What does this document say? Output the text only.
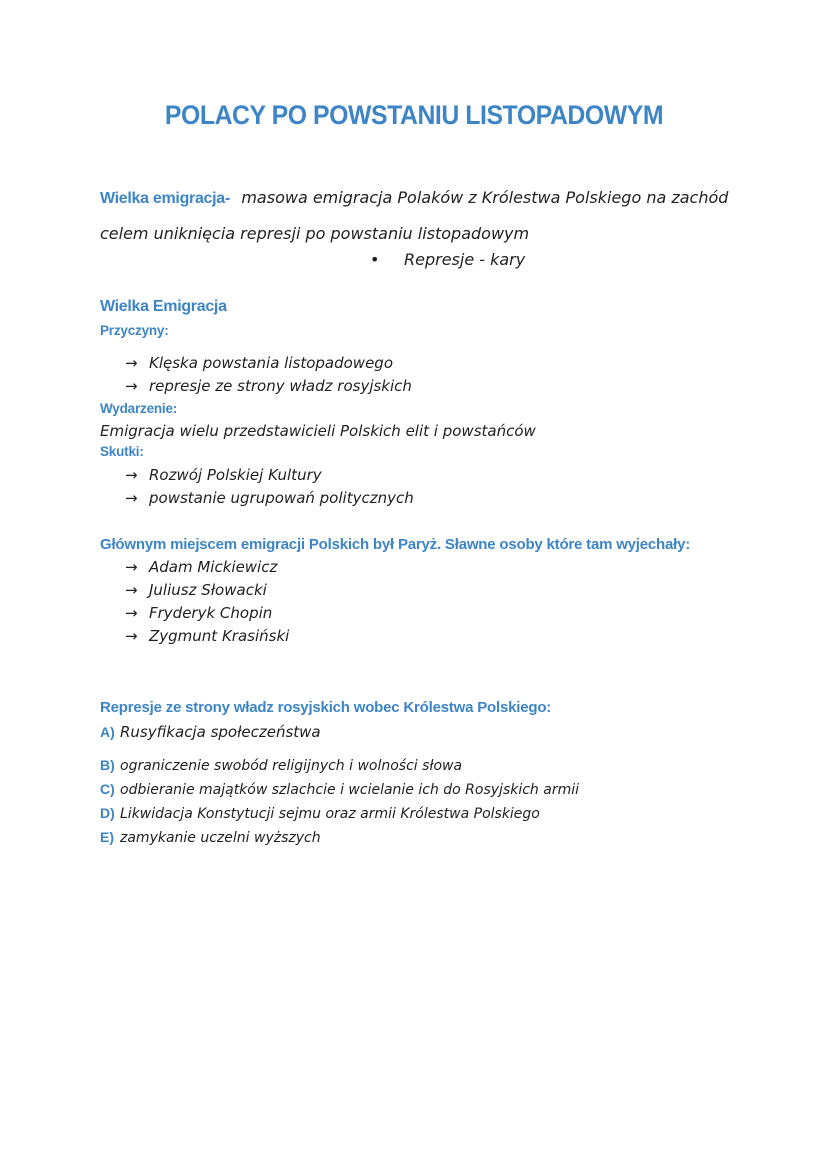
POLACY PO POWSTANIU LISTOPADOWYM
Wielka emigracja- masowa emigracja Polaków z Królestwa Polskiego na zachód
celem uniknięcia represji po powstaniu listopadowym
• Represje - kary
Wielka Emigracja
Przyczyny:
→ Klęska powstania listopadowego
→ represje ze strony władz rosyjskich
Wydarzenie:
Emigracja wielu przedstawicieli Polskich elit i powstańców
Skutki:
→ Rozwój Polskiej Kultury
→ powstanie ugrupowań politycznych
Głównym miejscem emigracji Polskich był Paryż. Sławne osoby które tam wyjechały:
→ Adam Mickiewicz
→ Juliusz Słowacki
→ Fryderyk Chopin
→ Zygmunt Krasiński
Represje ze strony władz rosyjskich wobec Królestwa Polskiego:
A) Rusyfikacja społeczeństwa
B) ograniczenie swobód religijnych i wolności słowa
C) odbieranie majątków szlachcie i wcielanie ich do Rosyjskich armii
D) Likwidacja Konstytucji sejmu oraz armii Królestwa Polskiego
E) zamykanie uczelni wyższych
